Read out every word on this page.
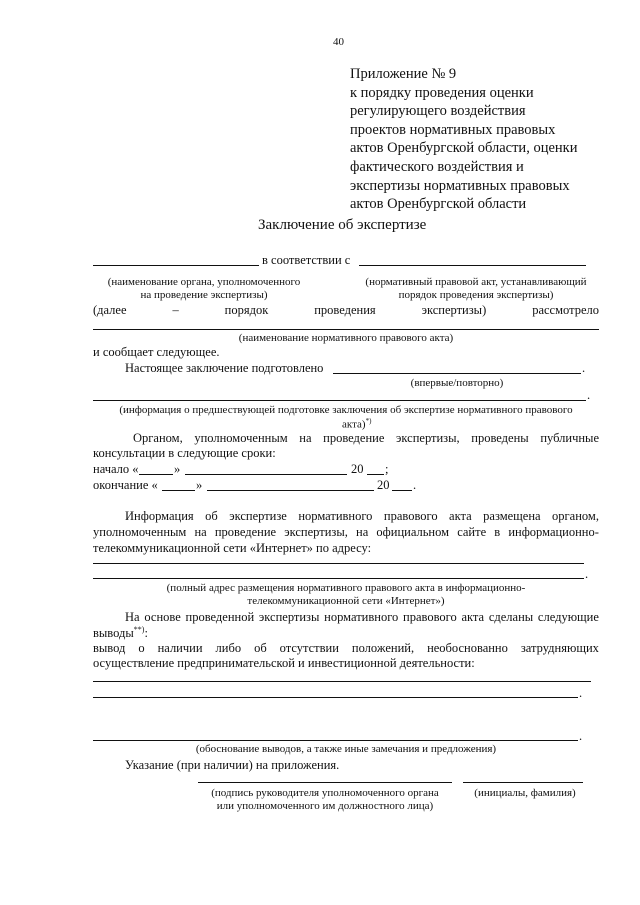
40
Приложение № 9
к порядку проведения оценки
регулирующего воздействия
проектов нормативных правовых
актов Оренбургской области, оценки
фактического воздействия и
экспертизы нормативных правовых
актов Оренбургской области
Заключение об экспертизе
в соответствии с
(наименование органа, уполномоченного
на проведение экспертизы)
(нормативный правовой акт, устанавливающий
порядок проведения экспертизы)
(далее	–	порядок	проведения	экспертизы)	рассмотрело
(наименование нормативного правового акта)
и сообщает следующее.
Настоящее заключение подготовлено	.
(впервые/повторно)
.
(информация о предшествующей подготовке заключения об экспертизе нормативного правового
акта)*)
Органом, уполномоченным на проведение экспертизы, проведены публичные
консультации в следующие сроки:
начало «	»	20 ;
окончание «	»	20 .
Информация об экспертизе нормативного правового акта размещена органом,
уполномоченным на проведение экспертизы, на официальном сайте в информационно-
телекоммуникационной сети «Интернет» по адресу:
.
(полный адрес размещения нормативного правового акта в информационно-
телекоммуникационной сети «Интернет»)
На основе проведенной экспертизы нормативного правового акта сделаны следующие
выводы**):
вывод о наличии либо об отсутствии положений, необоснованно затрудняющих
осуществление предпринимательской и инвестиционной деятельности:
.
.
(обоснование выводов, а также иные замечания и предложения)
Указание (при наличии) на приложения.
(подпись руководителя уполномоченного органа
или уполномоченного им должностного лица)
(инициалы, фамилия)
